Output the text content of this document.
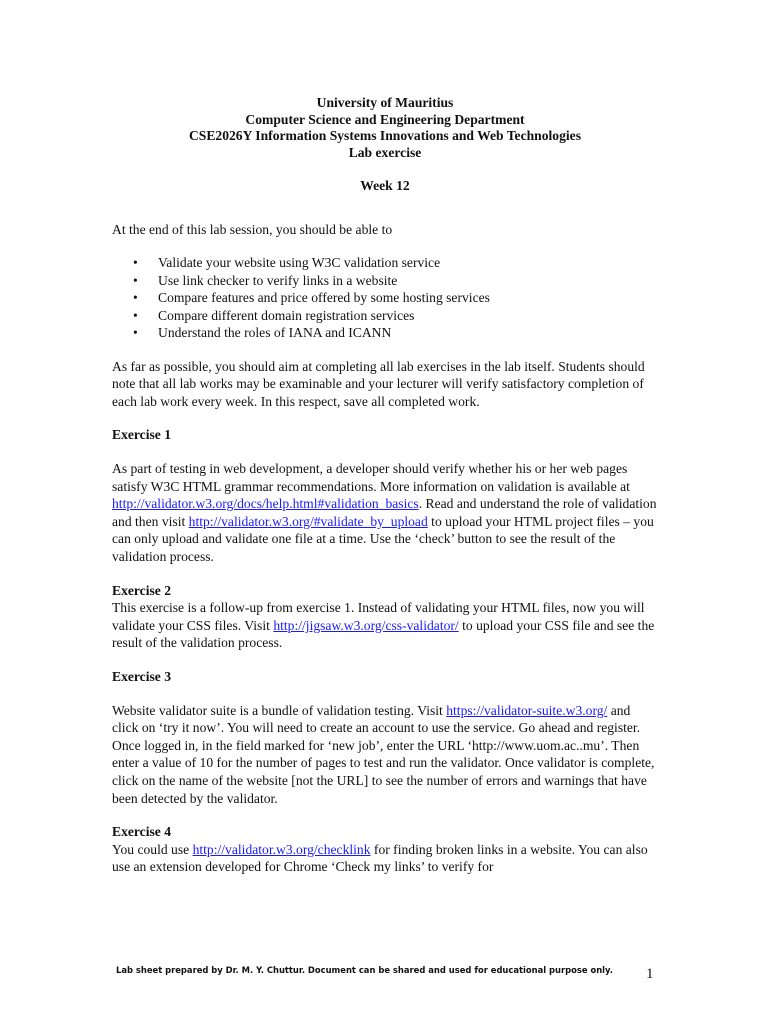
University of Mauritius
Computer Science and Engineering Department
CSE2026Y Information Systems Innovations and Web Technologies
Lab exercise
Week 12

At the end of this lab session, you should be able to

• Validate your website using W3C validation service
• Use link checker to verify links in a website
• Compare features and price offered by some hosting services
• Compare different domain registration services
• Understand the roles of IANA and ICANN

As far as possible, you should aim at completing all lab exercises in the lab itself. Students should note that all lab works may be examinable and your lecturer will verify satisfactory completion of each lab work every week. In this respect, save all completed work.

Exercise 1

As part of testing in web development, a developer should verify whether his or her web pages satisfy W3C HTML grammar recommendations. More information on validation is available at http://validator.w3.org/docs/help.html#validation_basics. Read and understand the role of validation and then visit http://validator.w3.org/#validate_by_upload to upload your HTML project files – you can only upload and validate one file at a time. Use the ‘check’ button to see the result of the validation process.

Exercise 2

This exercise is a follow-up from exercise 1. Instead of validating your HTML files, now you will validate your CSS files. Visit http://jigsaw.w3.org/css-validator/ to upload your CSS file and see the result of the validation process.

Exercise 3

Website validator suite is a bundle of validation testing. Visit https://validator-suite.w3.org/ and click on ‘try it now’. You will need to create an account to use the service. Go ahead and register. Once logged in, in the field marked for ‘new job’, enter the URL ‘http://www.uom.ac..mu’. Then enter a value of 10 for the number of pages to test and run the validator. Once validator is complete, click on the name of the website [not the URL] to see the number of errors and warnings that have been detected by the validator.

Exercise 4

You could use http://validator.w3.org/checklink for finding broken links in a website. You can also use an extension developed for Chrome ‘Check my links’ to verify for

Lab sheet prepared by Dr. M. Y. Chuttur. Document can be shared and used for educational purpose only.	1
